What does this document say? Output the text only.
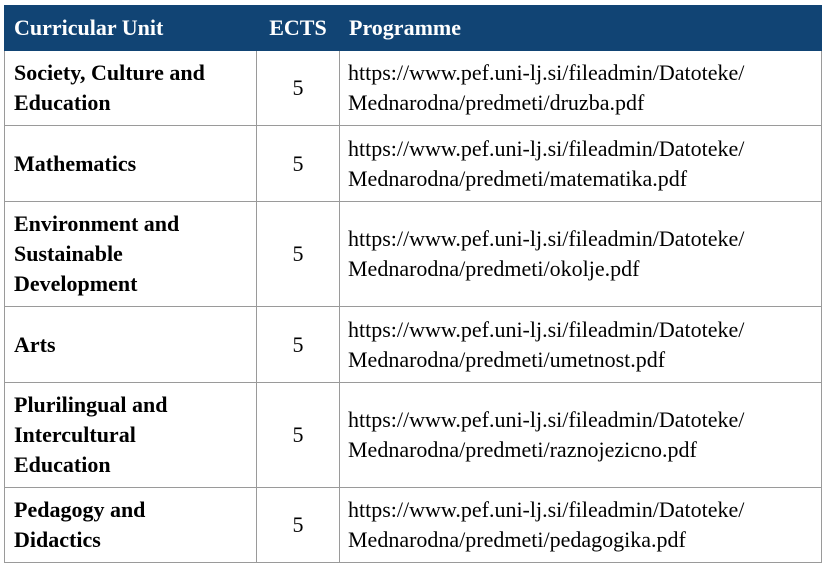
Curricular Unit	ECTS	Programme
Society, Culture and
Education	5	https://www.pef.uni-lj.si/fileadmin/Datoteke/
Mednarodna/predmeti/druzba.pdf

Mathematics	5	https://www.pef.uni-lj.si/fileadmin/Datoteke/
Mednarodna/predmeti/matematika.pdf

Environment and
Sustainable
Development	5	https://www.pef.uni-lj.si/fileadmin/Datoteke/
Mednarodna/predmeti/okolje.pdf

Arts	5	https://www.pef.uni-lj.si/fileadmin/Datoteke/
Mednarodna/predmeti/umetnost.pdf

Plurilingual and
Intercultural
Education	5	https://www.pef.uni-lj.si/fileadmin/Datoteke/
Mednarodna/predmeti/raznojezicno.pdf

Pedagogy and
Didactics	5	https://www.pef.uni-lj.si/fileadmin/Datoteke/
Mednarodna/predmeti/pedagogika.pdf
